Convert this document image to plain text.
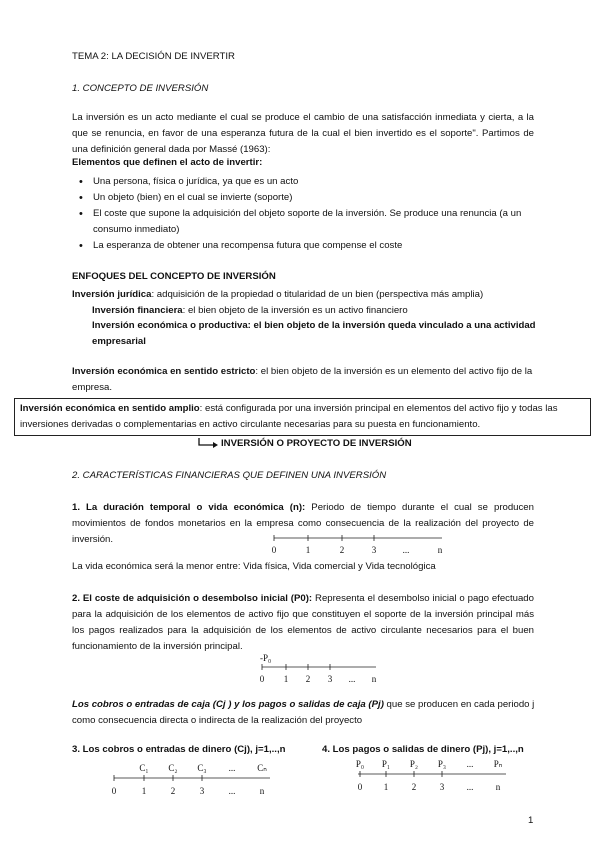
TEMA 2: LA DECISIÓN DE INVERTIR
1. CONCEPTO DE INVERSIÓN

La inversión es un acto mediante el cual se produce el cambio de una satisfacción inmediata y cierta, a la que se renuncia, en favor de una esperanza futura de la cual el bien invertido es el soporte". Partimos de una definición general dada por Massé (1963):

Elementos que definen el acto de invertir:
• Una persona, física o jurídica, ya que es un acto
• Un objeto (bien) en el cual se invierte (soporte)
• El coste que supone la adquisición del objeto soporte de la inversión. Se produce una renuncia (a un consumo inmediato)
• La esperanza de obtener una recompensa futura que compense el coste
ENFOQUES DEL CONCEPTO DE INVERSIÓN
Inversión jurídica: adquisición de la propiedad o titularidad de un bien (perspectiva más amplia)
Inversión financiera: el bien objeto de la inversión es un activo financiero
Inversión económica o productiva: el bien objeto de la inversión queda vinculado a una actividad empresarial
Inversión económica en sentido estricto: el bien objeto de la inversión es un elemento del activo fijo de la empresa.
Inversión económica en sentido amplio: está configurada por una inversión principal en elementos del activo fijo y todas las inversiones derivadas o complementarias en activo circulante necesarias para su puesta en funcionamiento.
INVERSIÓN O PROYECTO DE INVERSIÓN
2. CARACTERÍSTICAS FINANCIERAS QUE DEFINEN UNA INVERSIÓN

1. La duración temporal o vida económica (n): Periodo de tiempo durante el cual se producen movimientos de fondos monetarios en la empresa como consecuencia de la realización del proyecto de inversión.

0	1	2	3	...	n
La vida económica será la menor entre: Vida física, Vida comercial y Vida tecnológica

2. El coste de adquisición o desembolso inicial (P0): Representa el desembolso inicial o pago efectuado para la adquisición de los elementos de activo fijo que constituyen el soporte de la inversión principal más los pagos realizados para la adquisición de los elementos de activo circulante necesarios para el buen funcionamiento de la inversión principal.

-P₀
0 1 2 3 ... n

Los cobros o entradas de caja (Cj ) y los pagos o salidas de caja (Pj) que se producen en cada periodo j como consecuencia directa o indirecta de la realización del proyecto

3. Los cobros o entradas de dinero (Cj), j=1,..,n	4. Los pagos o salidas de dinero (Pj), j=1,..,n
C₁ C₂ C₃ ... Cₙ
0	1	2	3	...	n
P₀ P₁ P₂ P₃ ... Pₙ
0 1	2	3 ... n
1
